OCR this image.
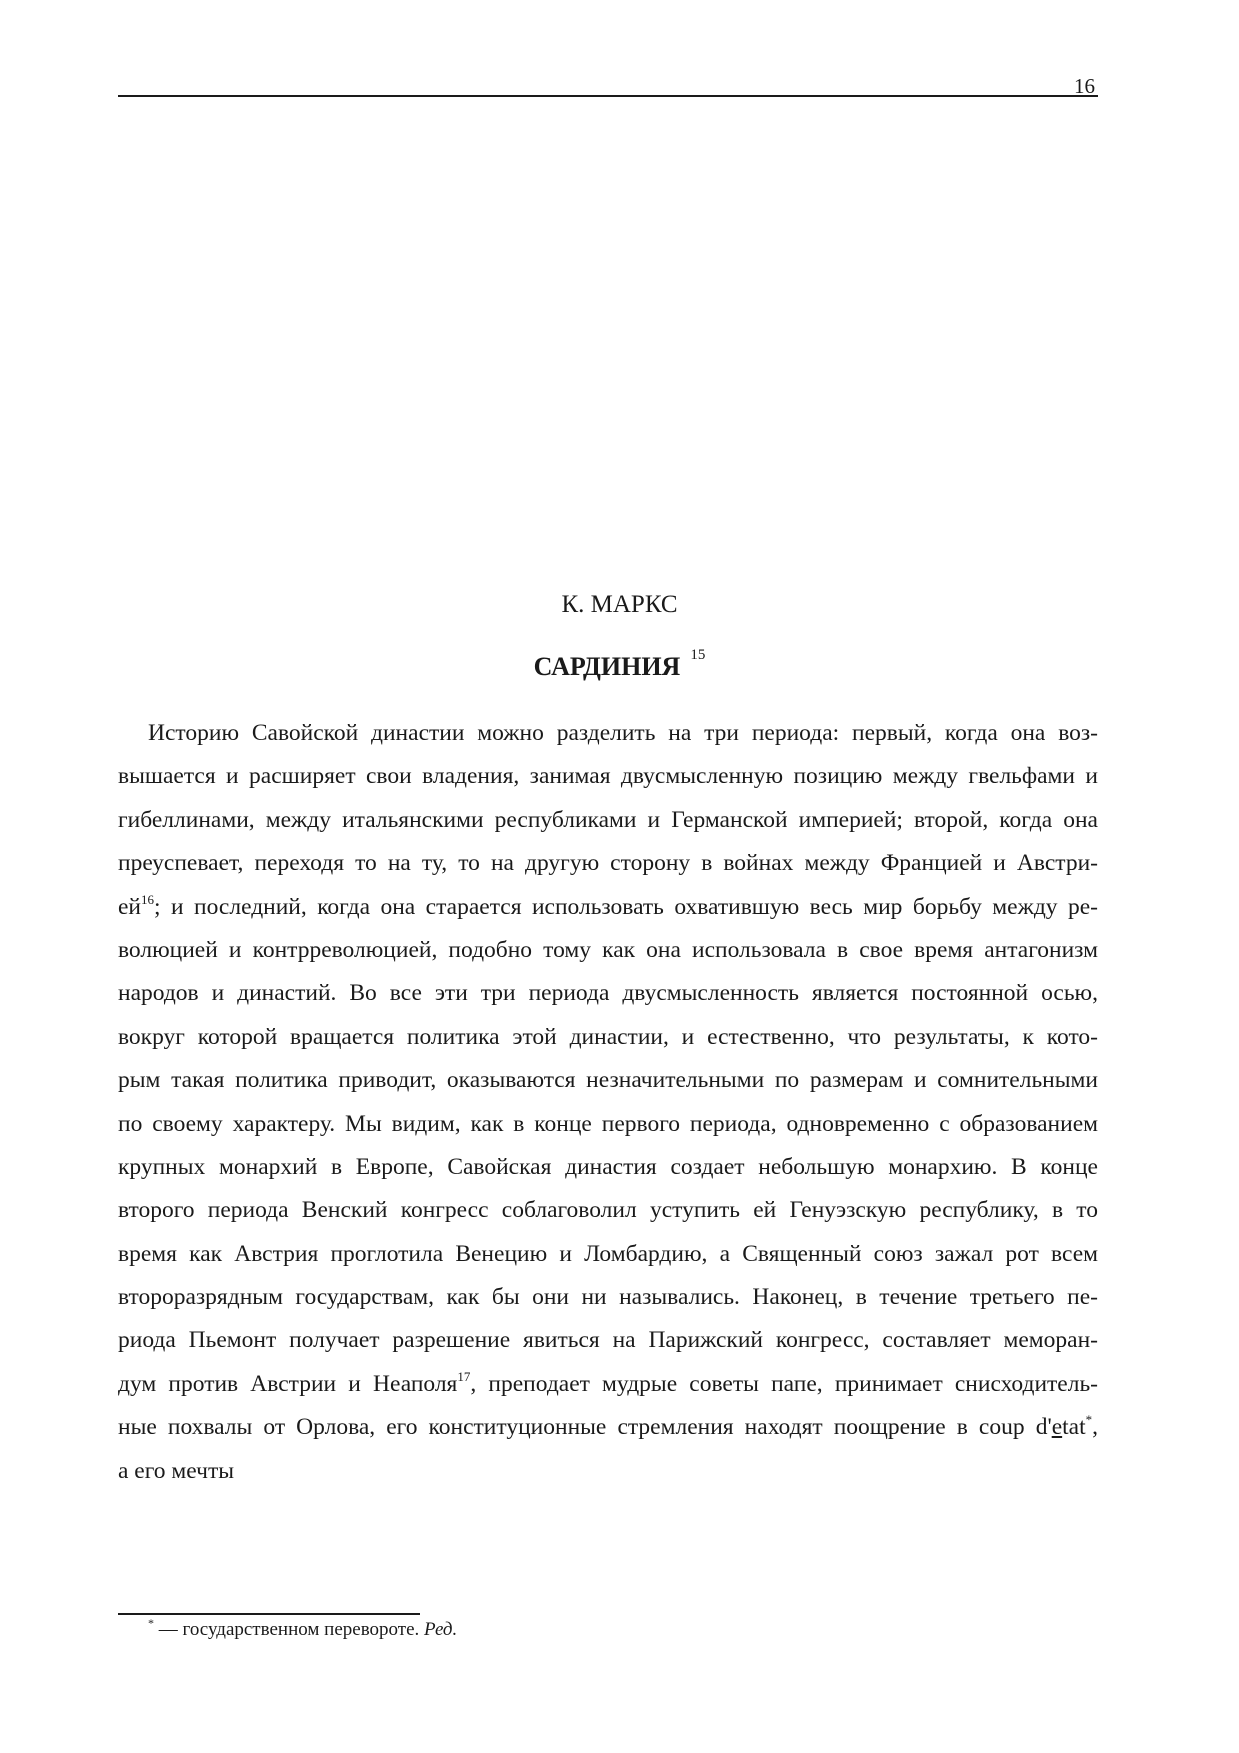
16
К. МАРКС
САРДИНИЯ $^{15}$
Историю Савойской династии можно разделить на три периода: первый, когда она воз-
вышается и расширяет свои владения, занимая двусмысленную позицию между гвельфами и
гибеллинами, между итальянскими республиками и Германской империей; второй, когда она
преуспевает, переходя то на ту, то на другую сторону в войнах между Францией и Австри-
$ей^{16}$; и последний, когда она старается использовать охватившую весь мир борьбу между ре-
волюцией и контрреволюцией, подобно тому как она использовала в свое время антагонизм
народов и династий. Во все эти три периода двусмысленность является постоянной осью,
вокруг которой вращается политика этой династии, и естественно, что результаты, к кото-
рым такая политика приводит, оказываются незначительными по размерам и сомнительными
по своему характеру. Мы видим, как в конце первого периода, одновременно с образованием
крупных монархий в Европе, Савойская династия создает небольшую монархию. В конце
второго периода Венский конгресс соблаговолил уступить ей Генуэзскую республику, в то
время как Австрия проглотила Венецию и Ломбардию, а Священный союз зажал рот всем
второразрядным государствам, как бы они ни назывались. Наконец, в течение третьего пе-
риода Пьемонт получает разрешение явиться на Парижский конгресс, составляет меморан-
дум против Австрии и Неаполя$^{17}$, преподает мудрые советы папе, принимает снисходитель-
ные похвалы от Орлова, его конституционные стремления находят поощрение в coup d'etat*,
а его мечты
* — государственном перевороте. Ред.
